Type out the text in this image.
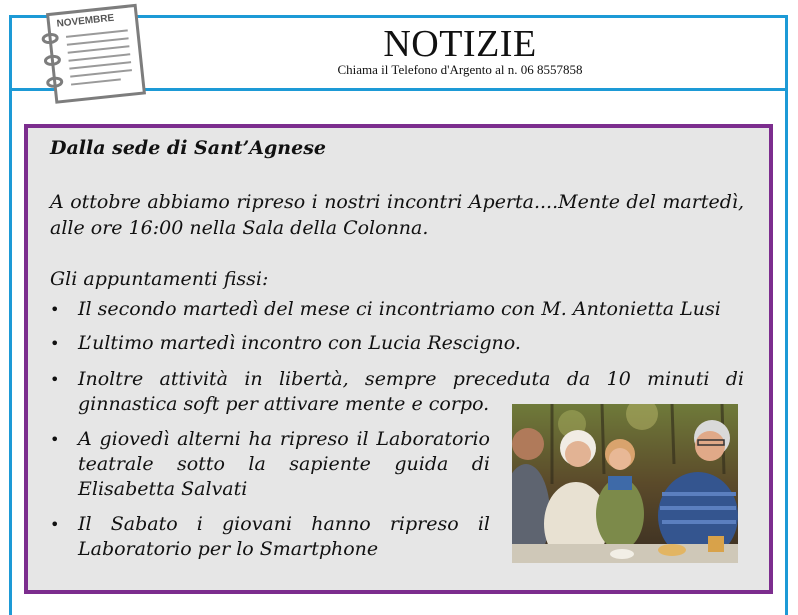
NOVEMBRE
NOTIZIE
Chiama il Telefono d'Argento al n. 06 8557858
Dalla sede di Sant’Agnese
A ottobre abbiamo ripreso i nostri incontri Aperta....Mente del martedì, alle ore 16:00 nella Sala della Colonna.
Gli appuntamenti fissi:
• Il secondo martedì del mese ci incontriamo con M. Antonietta Lusi
• L’ultimo martedì incontro con Lucia Rescigno.
• Inoltre attività in libertà, sempre preceduta da 10 minuti di ginnastica soft per attivare mente e corpo.
• A giovedì alterni ha ripreso il Laboratorio teatrale sotto la sapiente guida di Elisabetta Salvati
• Il Sabato i giovani hanno ripreso il Laboratorio per lo Smartphone
